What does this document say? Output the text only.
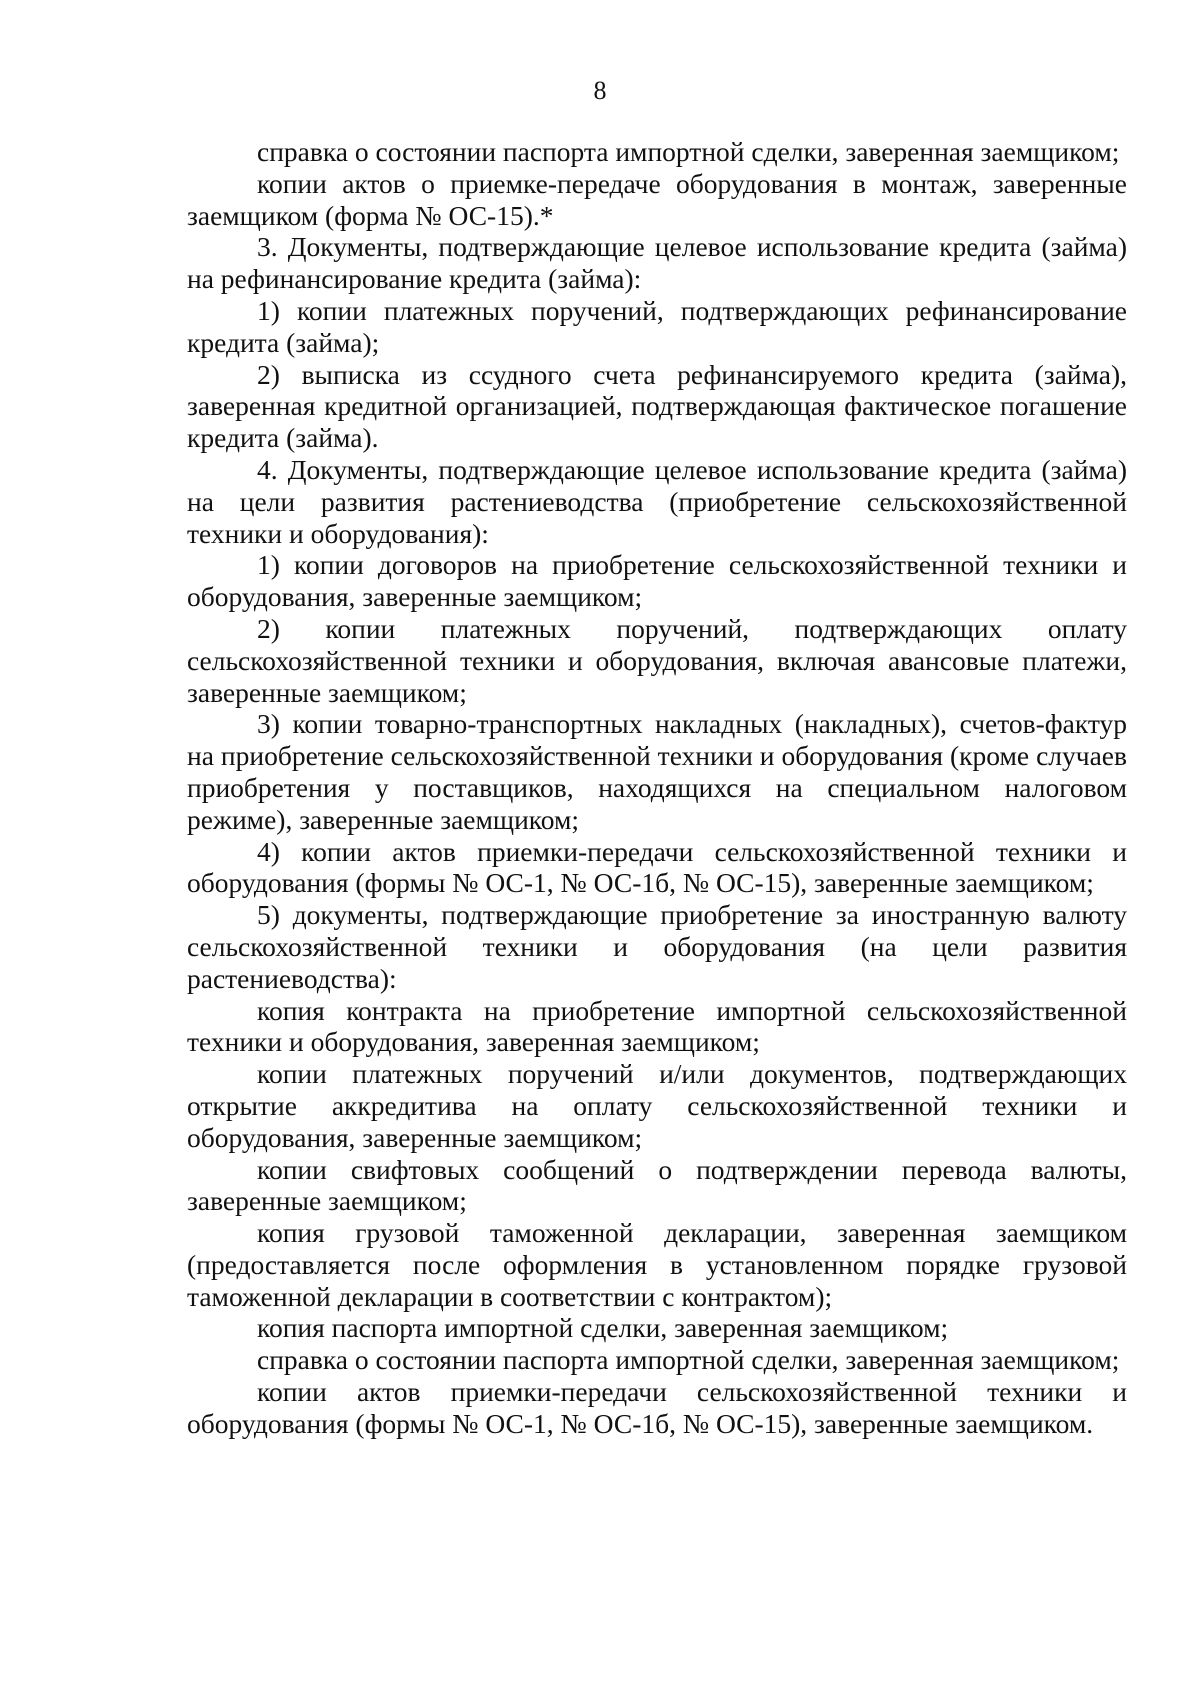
8

справка о состоянии паспорта импортной сделки, заверенная заемщиком;

копии актов о приемке-передаче оборудования в монтаж, заверенные заемщиком (форма № ОС-15).*

3. Документы, подтверждающие целевое использование кредита (займа) на рефинансирование кредита (займа):

1) копии платежных поручений, подтверждающих рефинансирование кредита (займа);

2) выписка из ссудного счета рефинансируемого кредита (займа), заверенная кредитной организацией, подтверждающая фактическое погашение кредита (займа).

4. Документы, подтверждающие целевое использование кредита (займа) на цели развития растениеводства (приобретение сельскохозяйственной техники и оборудования):

1) копии договоров на приобретение сельскохозяйственной техники и оборудования, заверенные заемщиком;

2) копии платежных поручений, подтверждающих оплату сельскохозяйственной техники и оборудования, включая авансовые платежи, заверенные заемщиком;

3) копии товарно-транспортных накладных (накладных), счетов-фактур на приобретение сельскохозяйственной техники и оборудования (кроме случаев приобретения у поставщиков, находящихся на специальном налоговом режиме), заверенные заемщиком;

4) копии актов приемки-передачи сельскохозяйственной техники и оборудования (формы № ОС-1, № ОС-1б, № ОС-15), заверенные заемщиком;

5) документы, подтверждающие приобретение за иностранную валюту сельскохозяйственной техники и оборудования (на цели развития растениеводства):

копия контракта на приобретение импортной сельскохозяйственной техники и оборудования, заверенная заемщиком;

копии платежных поручений и/или документов, подтверждающих открытие аккредитива на оплату сельскохозяйственной техники и оборудования, заверенные заемщиком;

копии свифтовых сообщений о подтверждении перевода валюты, заверенные заемщиком;

копия грузовой таможенной декларации, заверенная заемщиком (предоставляется после оформления в установленном порядке грузовой таможенной декларации в соответствии с контрактом);

копия паспорта импортной сделки, заверенная заемщиком;

справка о состоянии паспорта импортной сделки, заверенная заемщиком;

копии актов приемки-передачи сельскохозяйственной техники и оборудования (формы № ОС-1, № ОС-1б, № ОС-15), заверенные заемщиком.
